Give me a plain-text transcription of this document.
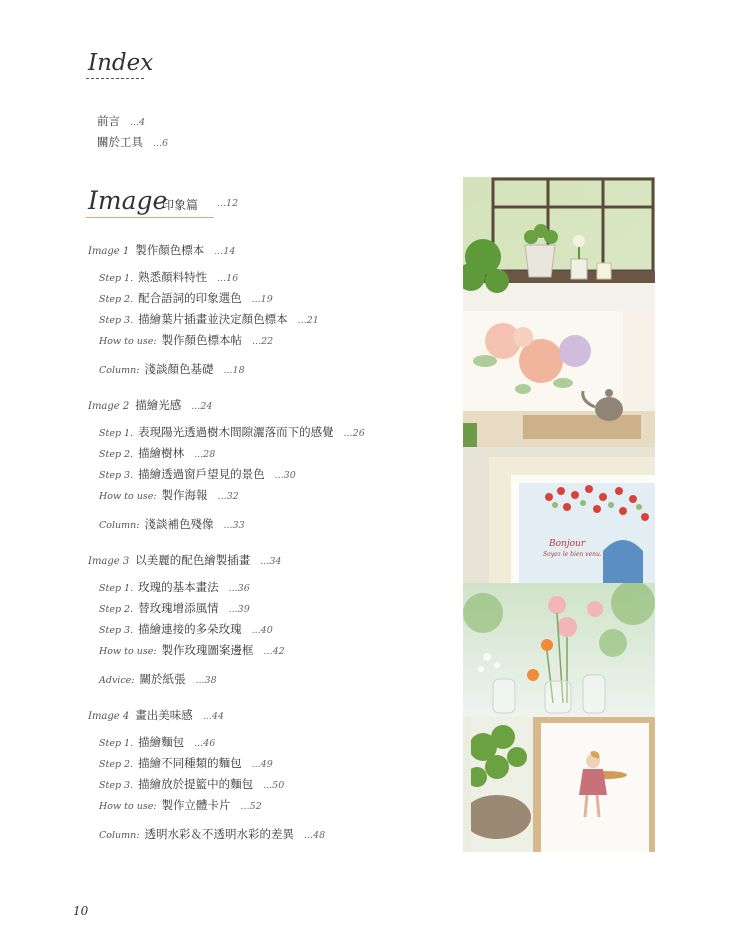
Index
前言 ...4
關於工具 ...6
Image
印象篇 ...12
Image 1 製作顏色標本 ...14
Step 1. 熟悉顏料特性 ...16
Step 2. 配合語詞的印象選色 ...19
Step 3. 描繪葉片插畫並決定顏色標本 ...21
How to use: 製作顏色標本帖 ...22
Column: 淺談顏色基礎 ...18
Image 2 描繪光感 ...24
Step 1. 表現陽光透過樹木間隙灑落而下的感覺 ...26
Step 2. 描繪樹林 ...28
Step 3. 描繪透過窗戶望見的景色 ...30
How to use: 製作海報 ...32
Column: 淺談補色殘像 ...33
Image 3 以美麗的配色繪製插畫 ...34
Step 1. 玫瑰的基本畫法 ...36
Step 2. 替玫瑰增添風情 ...39
Step 3. 描繪連接的多朵玫瑰 ...40
How to use: 製作玫瑰圖案邊框 ...42
Advice: 關於紙張 ...38
Image 4 畫出美味感 ...44
Step 1. 描繪麵包 ...46
Step 2. 描繪不同種類的麵包 ...49
Step 3. 描繪放於提籃中的麵包 ...50
How to use: 製作立體卡片 ...52
Column: 透明水彩＆不透明水彩的差異 ...48
Bonjour
Soyez le bien venu.
10
